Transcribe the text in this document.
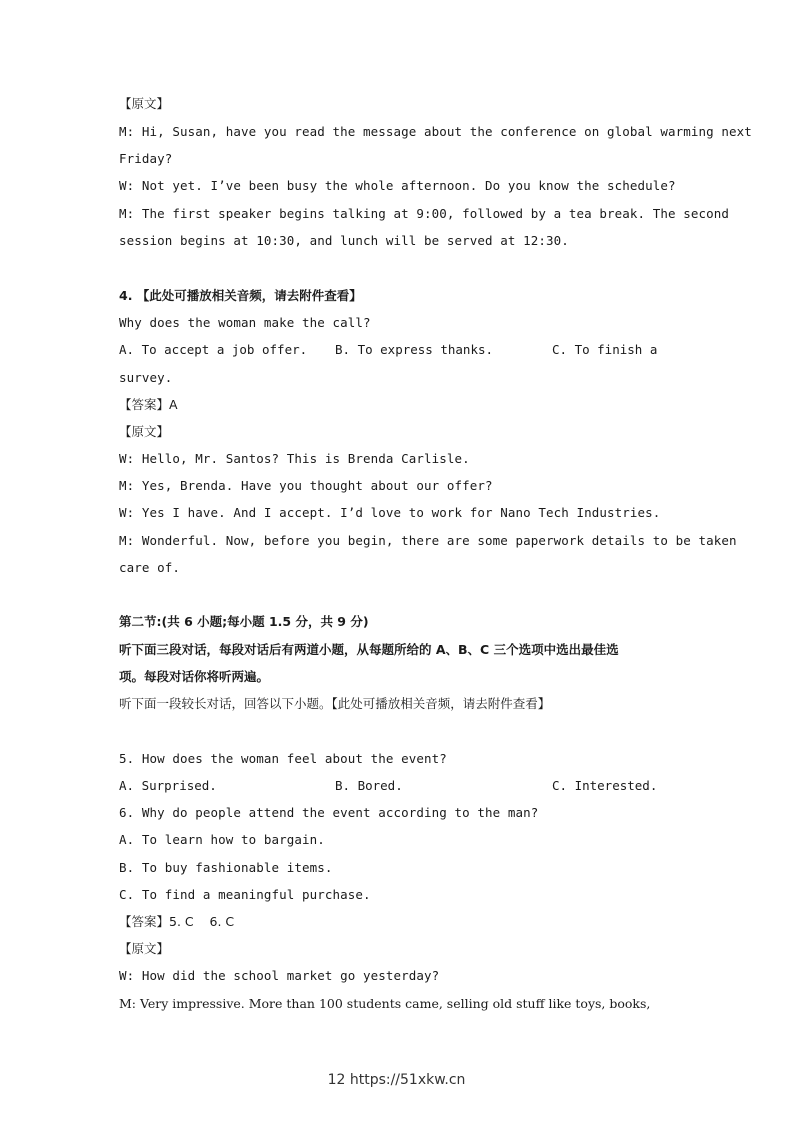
【原文】
M: Hi, Susan, have you read the message about the conference on global warming next
Friday?
W: Not yet. I’ve been busy the whole afternoon. Do you know the schedule?
M: The first speaker begins talking at 9:00, followed by a tea break. The second
session begins at 10:30, and lunch will be served at 12:30.
4. 【此处可播放相关音频，请去附件查看】
Why does the woman make the call?
A. To accept a job offer. B. To express thanks.	C. To finish a
survey.
【答案】A
【原文】
W: Hello, Mr. Santos? This is Brenda Carlisle.
M: Yes, Brenda. Have you thought about our offer?
W: Yes I have. And I accept. I’d love to work for Nano Tech Industries.
M: Wonderful. Now, before you begin, there are some paperwork details to be taken
care of.
第二节:(共 6 小题;每小题 1.5 分，共 9 分)
听下面三段对话，每段对话后有两道小题，从每题所给的 A、B、C 三个选项中选出最佳选
项。每段对话你将听两遍。
听下面一段较长对话，回答以下小题。【此处可播放相关音频，请去附件查看】
5. How does the woman feel about the event?
A. Surprised.	B. Bored.	C. Interested.
6. Why do people attend the event according to the man?
A. To learn how to bargain.
B. To buy fashionable items.
C. To find a meaningful purchase.
【答案】5. C    6. C
【原文】
W: How did the school market go yesterday?
M: Very impressive. More than 100 students came, selling old stuff like toys, books,
12 https://51xkw.cn
